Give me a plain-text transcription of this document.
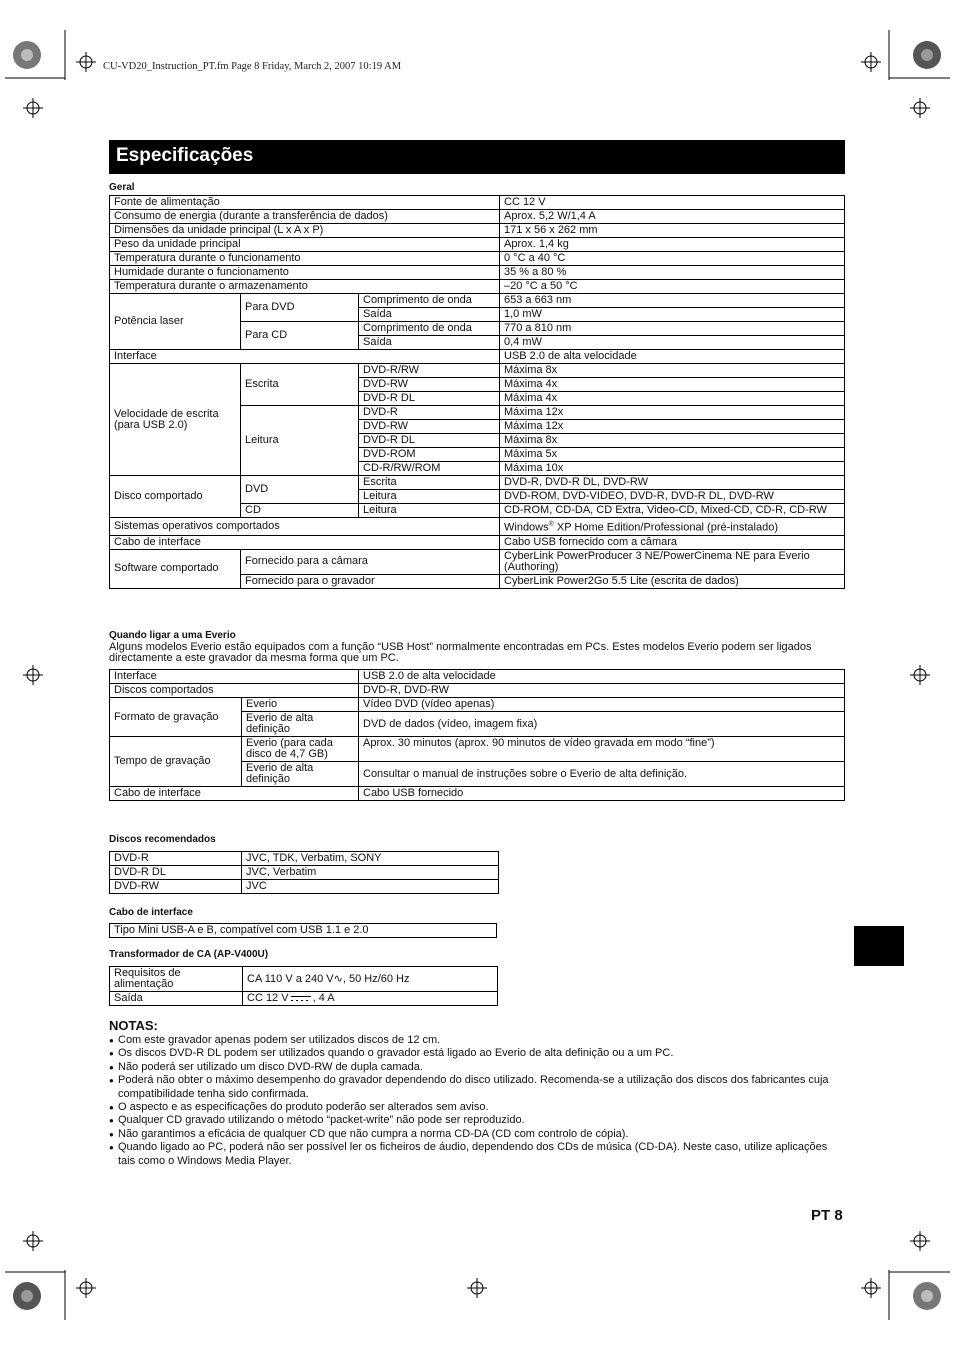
CU-VD20_Instruction_PT.fm Page 8 Friday, March 2, 2007 10:19 AM
Especificações
Geral
Fonte de alimentação			CC 12 V
Consumo de energia (durante a transferência de dados)			Aprox. 5,2 W/1,4 A
Dimensões da unidade principal (L x A x P)			171 x 56 x 262 mm
Peso da unidade principal			Aprox. 1,4 kg
Temperatura durante o funcionamento			0 °C a 40 °C
Humidade durante o funcionamento			35 % a 80 %
Temperatura durante o armazenamento			–20 °C a 50 °C
Potência laser	Para DVD	Comprimento de onda	653 a 663 nm
		Saída	1,0 mW
	Para CD	Comprimento de onda	770 a 810 nm
		Saída	0,4 mW
Interface			USB 2.0 de alta velocidade
Velocidade de escrita (para USB 2.0)	Escrita	DVD-R/RW	Máxima 8x
		DVD-RW	Máxima 4x
		DVD-R DL	Máxima 4x
	Leitura	DVD-R	Máxima 12x
		DVD-RW	Máxima 12x
		DVD-R DL	Máxima 8x
		DVD-ROM	Máxima 5x
		CD-R/RW/ROM	Máxima 10x
Disco comportado	DVD	Escrita	DVD-R, DVD-R DL, DVD-RW
		Leitura	DVD-ROM, DVD-VIDEO, DVD-R, DVD-R DL, DVD-RW
	CD	Leitura	CD-ROM, CD-DA, CD Extra, Video-CD, Mixed-CD, CD-R, CD-RW
Sistemas operativos comportados			Windows® XP Home Edition/Professional (pré-instalado)
Cabo de interface			Cabo USB fornecido com a câmara
Software comportado	Fornecido para a câmara		CyberLink PowerProducer 3 NE/PowerCinema NE para Everio (Authoring)
	Fornecido para o gravador		CyberLink Power2Go 5.5 Lite (escrita de dados)
Quando ligar a uma Everio
Alguns modelos Everio estão equipados com a função “USB Host” normalmente encontradas em PCs. Estes modelos Everio podem ser ligados directamente a este gravador da mesma forma que um PC.
Interface		USB 2.0 de alta velocidade
Discos comportados		DVD-R, DVD-RW
Formato de gravação	Everio	Vídeo DVD (vídeo apenas)
	Everio de alta definição	DVD de dados (vídeo, imagem fixa)
Tempo de gravação	Everio (para cada disco de 4,7 GB)	Aprox. 30 minutos (aprox. 90 minutos de vídeo gravada em modo “fine”)
	Everio de alta definição	Consultar o manual de instruções sobre o Everio de alta definição.
Cabo de interface		Cabo USB fornecido
Discos recomendados
DVD-R	JVC, TDK, Verbatim, SONY
DVD-R DL	JVC, Verbatim
DVD-RW	JVC
Cabo de interface
Tipo Mini USB-A e B, compatível com USB 1.1 e 2.0
Transformador de CA (AP-V400U)
Requisitos de alimentação	CA 110 V a 240 V∿, 50 Hz/60 Hz
Saída	CC 12 V , 4 A
NOTAS:
● Com este gravador apenas podem ser utilizados discos de 12 cm.
● Os discos DVD-R DL podem ser utilizados quando o gravador está ligado ao Everio de alta definição ou a um PC.
● Não poderá ser utilizado um disco DVD-RW de dupla camada.
● Poderá não obter o máximo desempenho do gravador dependendo do disco utilizado. Recomenda-se a utilização dos discos dos fabricantes cuja compatibilidade tenha sido confirmada.
● O aspecto e as especificações do produto poderão ser alterados sem aviso.
● Qualquer CD gravado utilizando o método “packet-write” não pode ser reproduzido.
● Não garantimos a eficácia de qualquer CD que não cumpra a norma CD-DA (CD com controlo de cópia).
● Quando ligado ao PC, poderá não ser possível ler os ficheiros de áudio, dependendo dos CDs de música (CD-DA). Neste caso, utilize aplicações tais como o Windows Media Player.
PT 8
